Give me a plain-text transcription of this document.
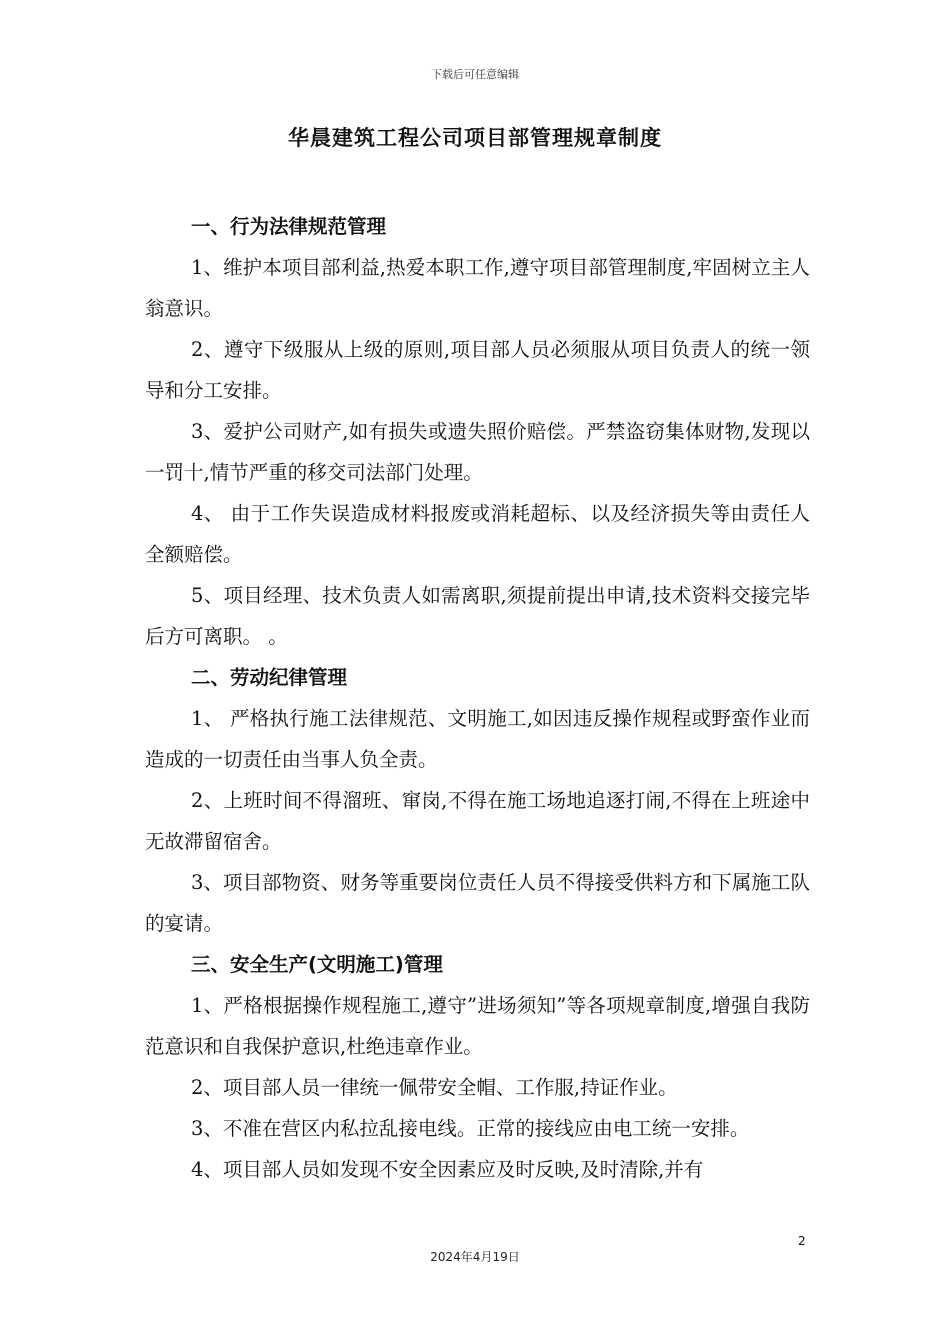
下载后可任意编辑
华晨建筑工程公司项目部管理规章制度

一、行为法律规范管理

1、维护本项目部利益,热爱本职工作,遵守项目部管理制度,牢固树立主人翁意识。

2、遵守下级服从上级的原则,项目部人员必须服从项目负责人的统一领导和分工安排。

3、爱护公司财产,如有损失或遗失照价赔偿。严禁盗窃集体财物,发现以一罚十,情节严重的移交司法部门处理。

4、 由于工作失误造成材料报废或消耗超标、以及经济损失等由责任人全额赔偿。

5、项目经理、技术负责人如需离职,须提前提出申请,技术资料交接完毕后方可离职。 。

二、劳动纪律管理

1、 严格执行施工法律规范、文明施工,如因违反操作规程或野蛮作业而造成的一切责任由当事人负全责。

2、上班时间不得溜班、窜岗,不得在施工场地追逐打闹,不得在上班途中无故滞留宿舍。

3、项目部物资、财务等重要岗位责任人员不得接受供料方和下属施工队的宴请。

三、安全生产(文明施工)管理

1、严格根据操作规程施工,遵守”进场须知”等各项规章制度,增强自我防范意识和自我保护意识,杜绝违章作业。

2、项目部人员一律统一佩带安全帽、工作服,持证作业。

3、不准在营区内私拉乱接电线。正常的接线应由电工统一安排。

4、项目部人员如发现不安全因素应及时反映,及时清除,并有

2
2024年4月19日
